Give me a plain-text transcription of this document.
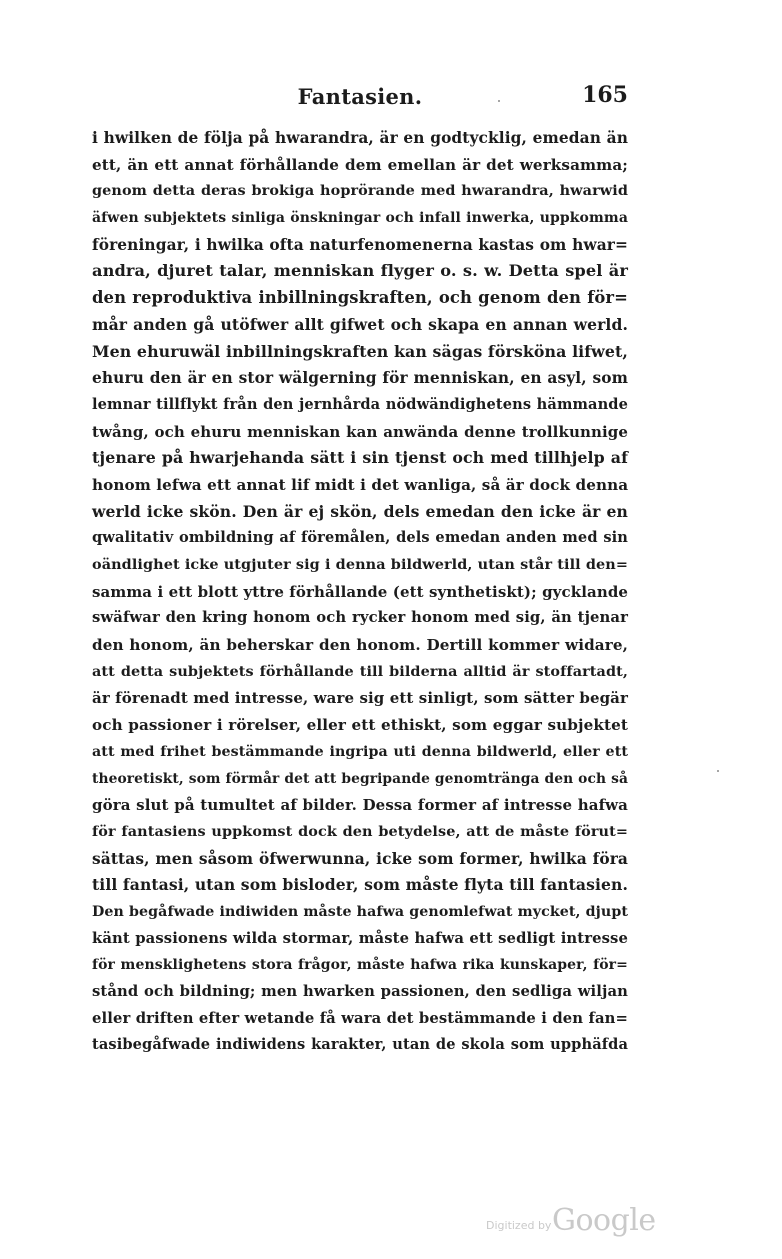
Fantasien.	165
i hwilken de följa på hwarandra, är en godtycklig, emedan än
ett, än ett annat förhållande dem emellan är det werksamma;
genom detta deras brokiga hoprörande med hwarandra, hwarwid
äfwen subjektets sinliga önskningar och infall inwerka, uppkomma
föreningar, i hwilka ofta naturfenomenerna kastas om hwar=
andra, djuret talar, menniskan flyger o. s. w. Detta spel är
den reproduktiva inbillningskraften, och genom den för=
mår anden gå utöfwer allt gifwet och skapa en annan werld.
Men ehuruwäl inbillningskraften kan sägas försköna lifwet,
ehuru den är en stor wälgerning för menniskan, en asyl, som
lemnar tillflykt från den jernhårda nödwändighetens hämmande
twång, och ehuru menniskan kan anwända denne trollkunnige
tjenare på hwarjehanda sätt i sin tjenst och med tillhjelp af
honom lefwa ett annat lif midt i det wanliga, så är dock denna
werld icke skön. Den är ej skön, dels emedan den icke är en
qwalitativ ombildning af föremålen, dels emedan anden med sin
oändlighet icke utgjuter sig i denna bildwerld, utan står till den=
samma i ett blott yttre förhållande (ett synthetiskt); gycklande
swäfwar den kring honom och rycker honom med sig, än tjenar
den honom, än beherskar den honom. Dertill kommer widare,
att detta subjektets förhållande till bilderna alltid är stoffartadt,
är förenadt med intresse, ware sig ett sinligt, som sätter begär
och passioner i rörelser, eller ett ethiskt, som eggar subjektet
att med frihet bestämmande ingripa uti denna bildwerld, eller ett
theoretiskt, som förmår det att begripande genomtränga den och så
göra slut på tumultet af bilder. Dessa former af intresse hafwa
för fantasiens uppkomst dock den betydelse, att de måste förut=
sättas, men såsom öfwerwunna, icke som former, hwilka föra
till fantasi, utan som bisloder, som måste flyta till fantasien.
Den begåfwade indiwiden måste hafwa genomlefwat mycket, djupt
känt passionens wilda stormar, måste hafwa ett sedligt intresse
för mensklighetens stora frågor, måste hafwa rika kunskaper, för=
stånd och bildning; men hwarken passionen, den sedliga wiljan
eller driften efter wetande få wara det bestämmande i den fan=
tasibegåfwade indiwidens karakter, utan de skola som upphäfda
Digitized by Google
